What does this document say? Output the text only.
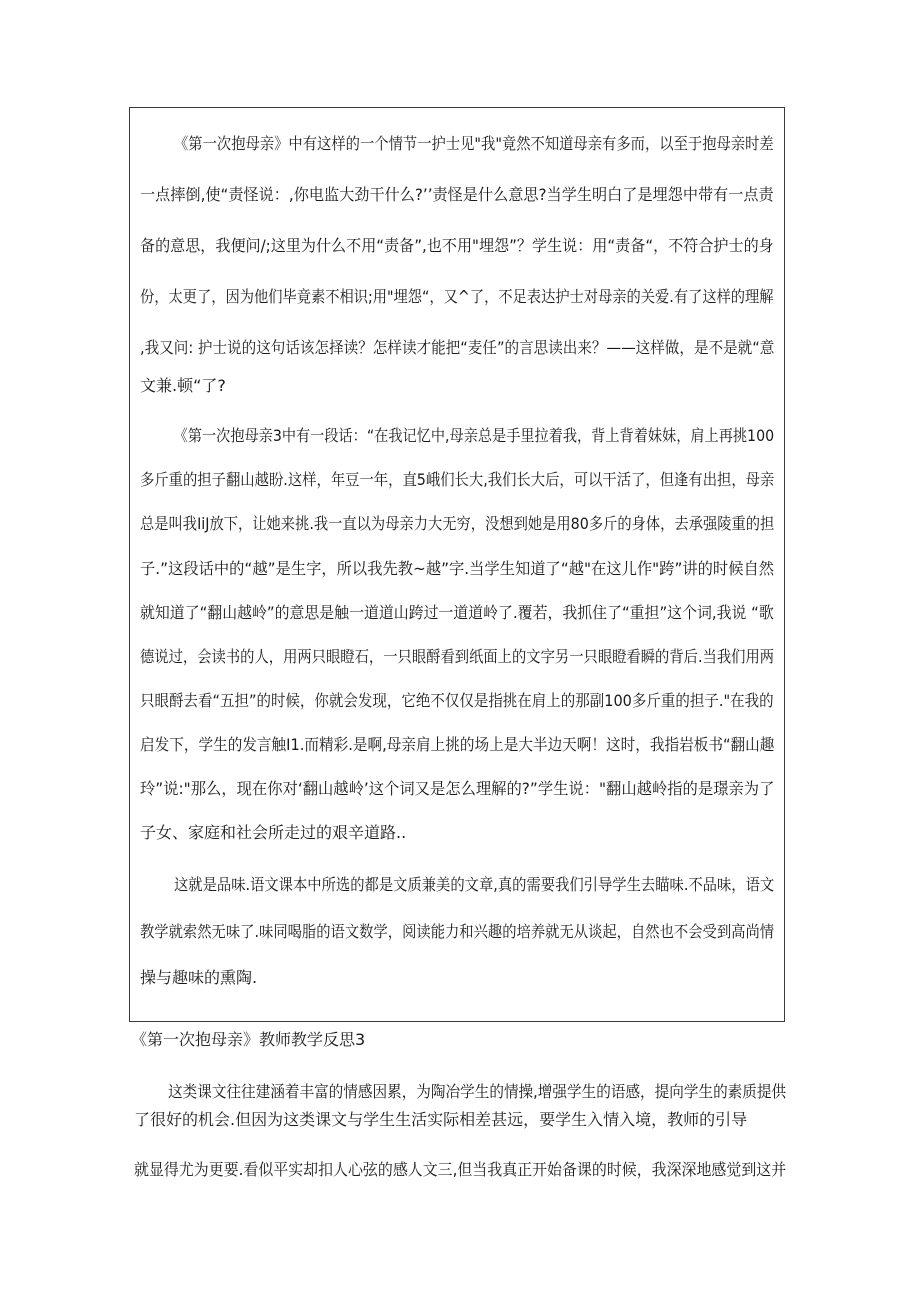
《第一次抱母亲》中有这样的一个情节一护士见"我"竟然不知道母亲有多而，以至于抱母亲时差
一点摔倒,使“责怪说：,你电监大劲干什么?’’责怪是什么意思?当学生明白了是埋怨中带有一点责
备的意思，我便问/;这里为什么不用“责备”,也不用"埋怨”？学生说：用“责备“，不符合护士的身
份，太更了，因为他们毕竟素不相识;用"埋怨“，又^了，不足表达护士对母亲的关爱.有了这样的理解
,我又问: 护士说的这句话该怎择读？怎样读才能把“麦任”的言思读出来？——这样做，是不是就“意
文兼.顿“了?
《第一次抱母亲3中有一段话：“在我记忆中,母亲总是手里拉着我，背上背着妹妹，肩上再挑100
多斤重的担子翻山越盼.这样，年豆一年，直5峨们长大,我们长大后，可以干活了，但逢有出担，母亲
总是叫我IiJ放下，让她来挑.我一直以为母亲力大无穷，没想到她是用80多斤的身体，去承强陵重的担
子.”这段话中的“越”是生字，所以我先教~越”字.当学生知道了“越"在这儿作"跨”讲的时候自然
就知道了“翻山越岭”的意思是触一道道山跨过一道道岭了.覆若，我抓住了“重担”这个词,我说 “歌
德说过，会读书的人，用两只眼瞪石，一只眼酹看到纸面上的文字另一只眼瞪看瞬的背后.当我们用两
只眼酹去看“五担”的时候，你就会发现，它绝不仅仅是指挑在肩上的那副100多斤重的担子."在我的
启发下，学生的发言触I1.而精彩.是啊,母亲肩上挑的场上是大半边天啊！这时，我指岩板书“翻山趣
玲”说:"那么，现在你对‘翻山越岭’这个词又是怎么理解的?”学生说："翻山越岭指的是璟亲为了
子女、家庭和社会所走过的艰辛道路..
这就是品味.语文课本中所选的都是文质兼美的文章,真的需要我们引导学生去瞄味.不品味，语文
教学就索然无味了.味同喝脂的语文数学，阅读能力和兴趣的培养就无从谈起，自然也不会受到高尚情
操与趣味的熏陶.
《第一次抱母亲》教师教学反思3
这类课文往往建涵着丰富的情感因累，为陶冶学生的情操,增强学生的语感，提向学生的素质提供
了很好的机会.但因为这类课文与学生生活实际相差甚远，要学生入情入境，教师的引导
就显得尤为更要.看似平实却扣人心弦的感人文三,但当我真正开始备课的时候，我深深地感觉到这并
